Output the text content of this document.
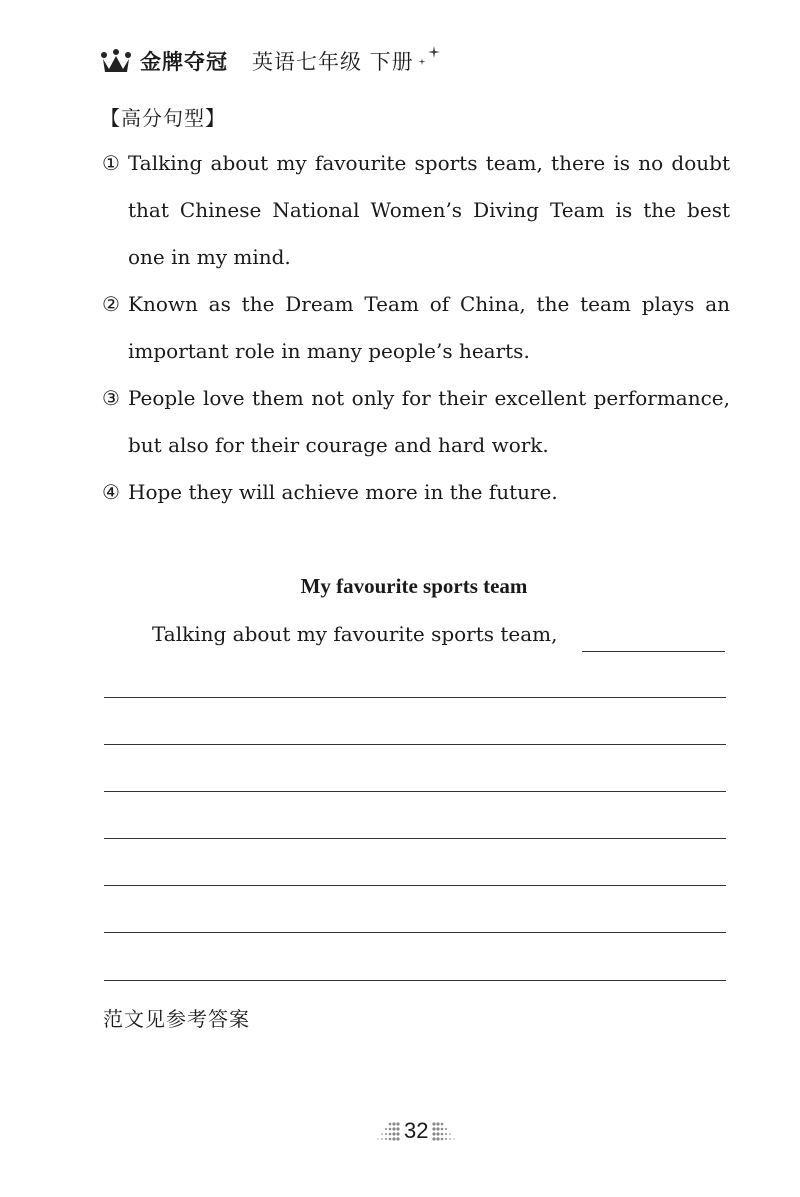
金牌夺冠 英语七年级 下册
【高分句型】
① Talking about my favourite sports team, there is no doubt that Chinese National Women’s Diving Team is the best one in my mind.
② Known as the Dream Team of China, the team plays an important role in many people’s hearts.
③ People love them not only for their excellent performance, but also for their courage and hard work.
④ Hope they will achieve more in the future.
My favourite sports team
Talking about my favourite sports team,
范文见参考答案
32
